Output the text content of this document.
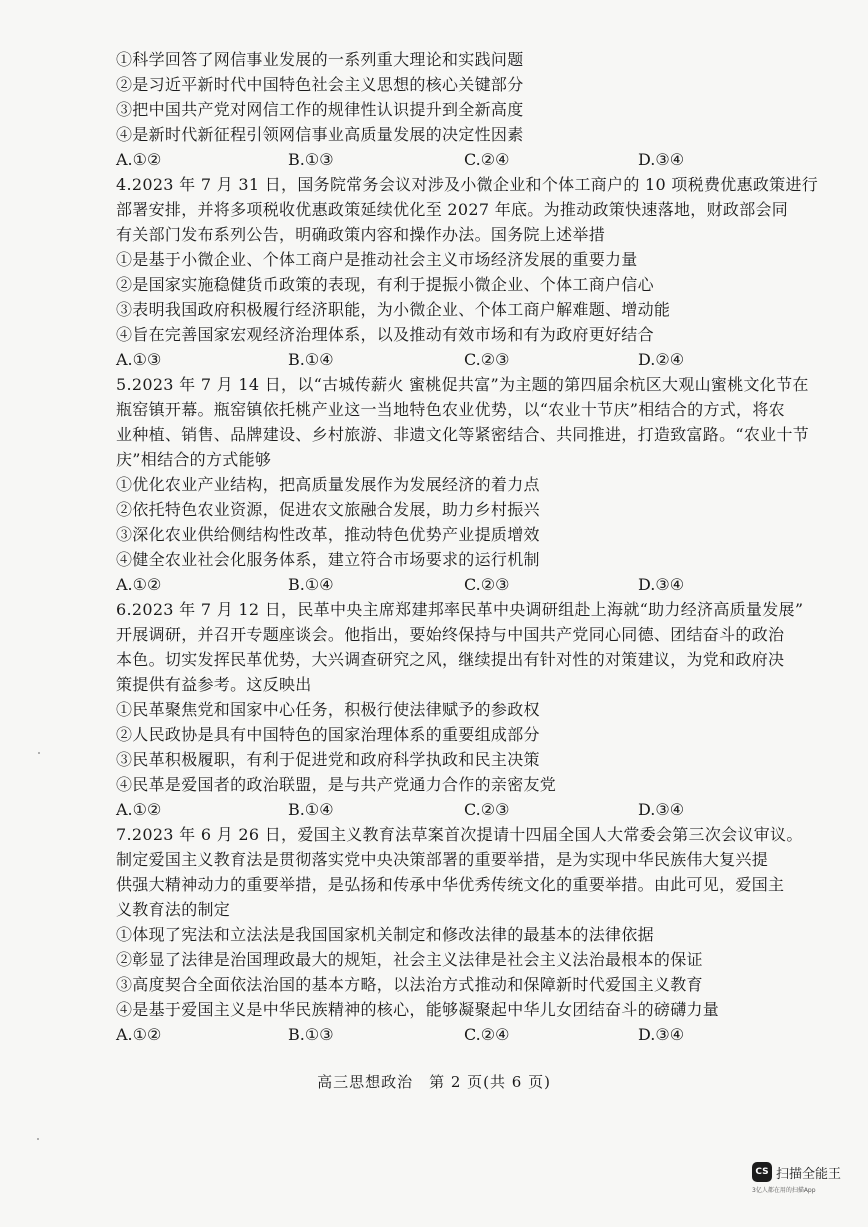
①科学回答了网信事业发展的一系列重大理论和实践问题
②是习近平新时代中国特色社会主义思想的核心关键部分
③把中国共产党对网信工作的规律性认识提升到全新高度
④是新时代新征程引领网信事业高质量发展的决定性因素
A.①②	B.①③	C.②④	D.③④
4.2023 年 7 月 31 日，国务院常务会议对涉及小微企业和个体工商户的 10 项税费优惠政策进行
部署安排，并将多项税收优惠政策延续优化至 2027 年底。为推动政策快速落地，财政部会同
有关部门发布系列公告，明确政策内容和操作办法。国务院上述举措
①是基于小微企业、个体工商户是推动社会主义市场经济发展的重要力量
②是国家实施稳健货币政策的表现，有利于提振小微企业、个体工商户信心
③表明我国政府积极履行经济职能，为小微企业、个体工商户解难题、增动能
④旨在完善国家宏观经济治理体系，以及推动有效市场和有为政府更好结合
A.①③	B.①④	C.②③	D.②④
5.2023 年 7 月 14 日，以“古城传薪火 蜜桃促共富”为主题的第四届余杭区大观山蜜桃文化节在
瓶窑镇开幕。瓶窑镇依托桃产业这一当地特色农业优势，以“农业十节庆”相结合的方式，将农
业种植、销售、品牌建设、乡村旅游、非遗文化等紧密结合、共同推进，打造致富路。“农业十节
庆”相结合的方式能够
①优化农业产业结构，把高质量发展作为发展经济的着力点
②依托特色农业资源，促进农文旅融合发展，助力乡村振兴
③深化农业供给侧结构性改革，推动特色优势产业提质增效
④健全农业社会化服务体系，建立符合市场要求的运行机制
A.①②	B.①④	C.②③	D.③④
6.2023 年 7 月 12 日，民革中央主席郑建邦率民革中央调研组赴上海就“助力经济高质量发展”
开展调研，并召开专题座谈会。他指出，要始终保持与中国共产党同心同德、团结奋斗的政治
本色。切实发挥民革优势，大兴调查研究之风，继续提出有针对性的对策建议，为党和政府决
策提供有益参考。这反映出
①民革聚焦党和国家中心任务，积极行使法律赋予的参政权
②人民政协是具有中国特色的国家治理体系的重要组成部分
③民革积极履职，有利于促进党和政府科学执政和民主决策
④民革是爱国者的政治联盟，是与共产党通力合作的亲密友党
A.①②	B.①④	C.②③	D.③④
7.2023 年 6 月 26 日，爱国主义教育法草案首次提请十四届全国人大常委会第三次会议审议。
制定爱国主义教育法是贯彻落实党中央决策部署的重要举措，是为实现中华民族伟大复兴提
供强大精神动力的重要举措，是弘扬和传承中华优秀传统文化的重要举措。由此可见，爱国主
义教育法的制定
①体现了宪法和立法法是我国国家机关制定和修改法律的最基本的法律依据
②彰显了法律是治国理政最大的规矩，社会主义法律是社会主义法治最根本的保证
③高度契合全面依法治国的基本方略，以法治方式推动和保障新时代爱国主义教育
④是基于爱国主义是中华民族精神的核心，能够凝聚起中华儿女团结奋斗的磅礴力量
A.①②	B.①③	C.②④	D.③④
高三思想政治　第 2 页(共 6 页)
CS 扫描全能王
3亿人都在用的扫描App
